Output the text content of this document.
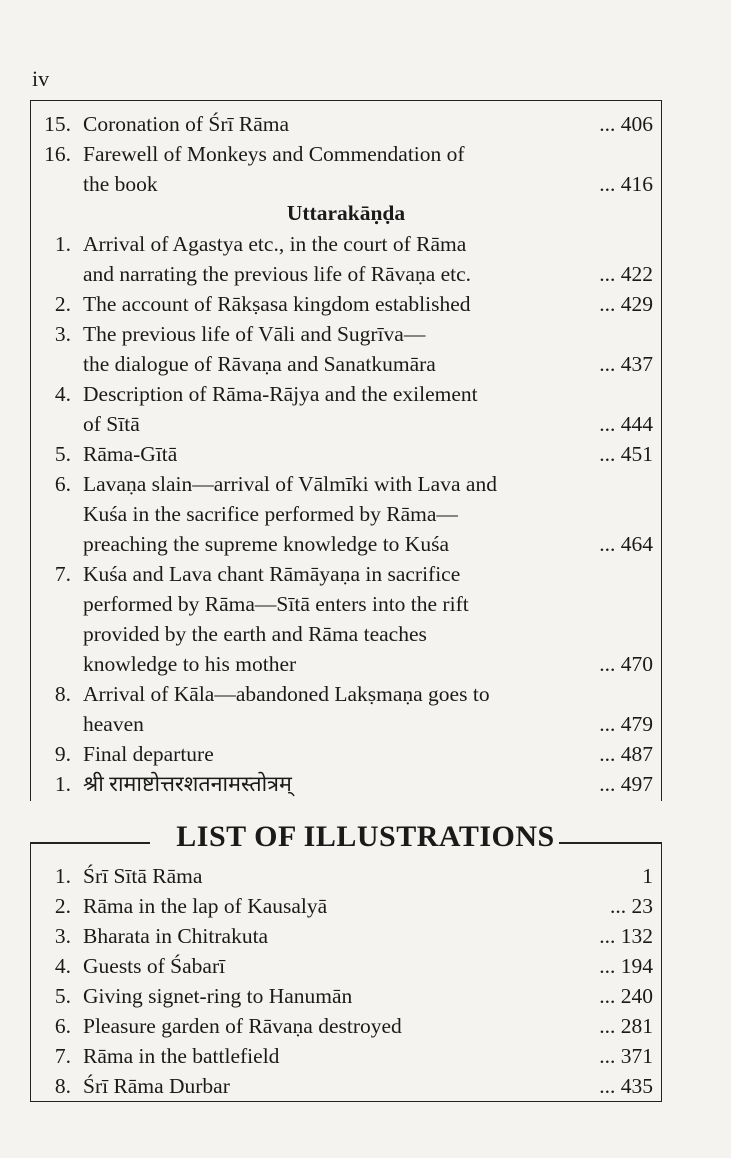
iv
15. Coronation of Śrī Rāma	... 406
16. Farewell of Monkeys and Commendation of
the book	... 416
Uttarakāṇḍa
1. Arrival of Agastya etc., in the court of Rāma
and narrating the previous life of Rāvaṇa etc.	... 422
2. The account of Rākṣasa kingdom established	... 429
3. The previous life of Vāli and Sugrīva—
the dialogue of Rāvaṇa and Sanatkumāra	... 437
4. Description of Rāma-Rājya and the exilement
of Sītā	... 444
5. Rāma-Gītā	... 451
6. Lavaṇa slain—arrival of Vālmīki with Lava and
Kuśa in the sacrifice performed by Rāma—
preaching the supreme knowledge to Kuśa	... 464
7. Kuśa and Lava chant Rāmāyaṇa in sacrifice
performed by Rāma—Sītā enters into the rift
provided by the earth and Rāma teaches
knowledge to his mother	... 470
8. Arrival of Kāla—abandoned Lakṣmaṇa goes to
heaven	... 479
9. Final departure	... 487
1. श्री रामाष्टोत्तरशतनामस्तोत्रम्	... 497
LIST OF ILLUSTRATIONS
1. Śrī Sītā Rāma	1
2. Rāma in the lap of Kausalyā	... 23
3. Bharata in Chitrakuta	... 132
4. Guests of Śabarī	... 194
5. Giving signet-ring to Hanumān	... 240
6. Pleasure garden of Rāvaṇa destroyed	... 281
7. Rāma in the battlefield	... 371
8. Śrī Rāma Durbar	... 435
